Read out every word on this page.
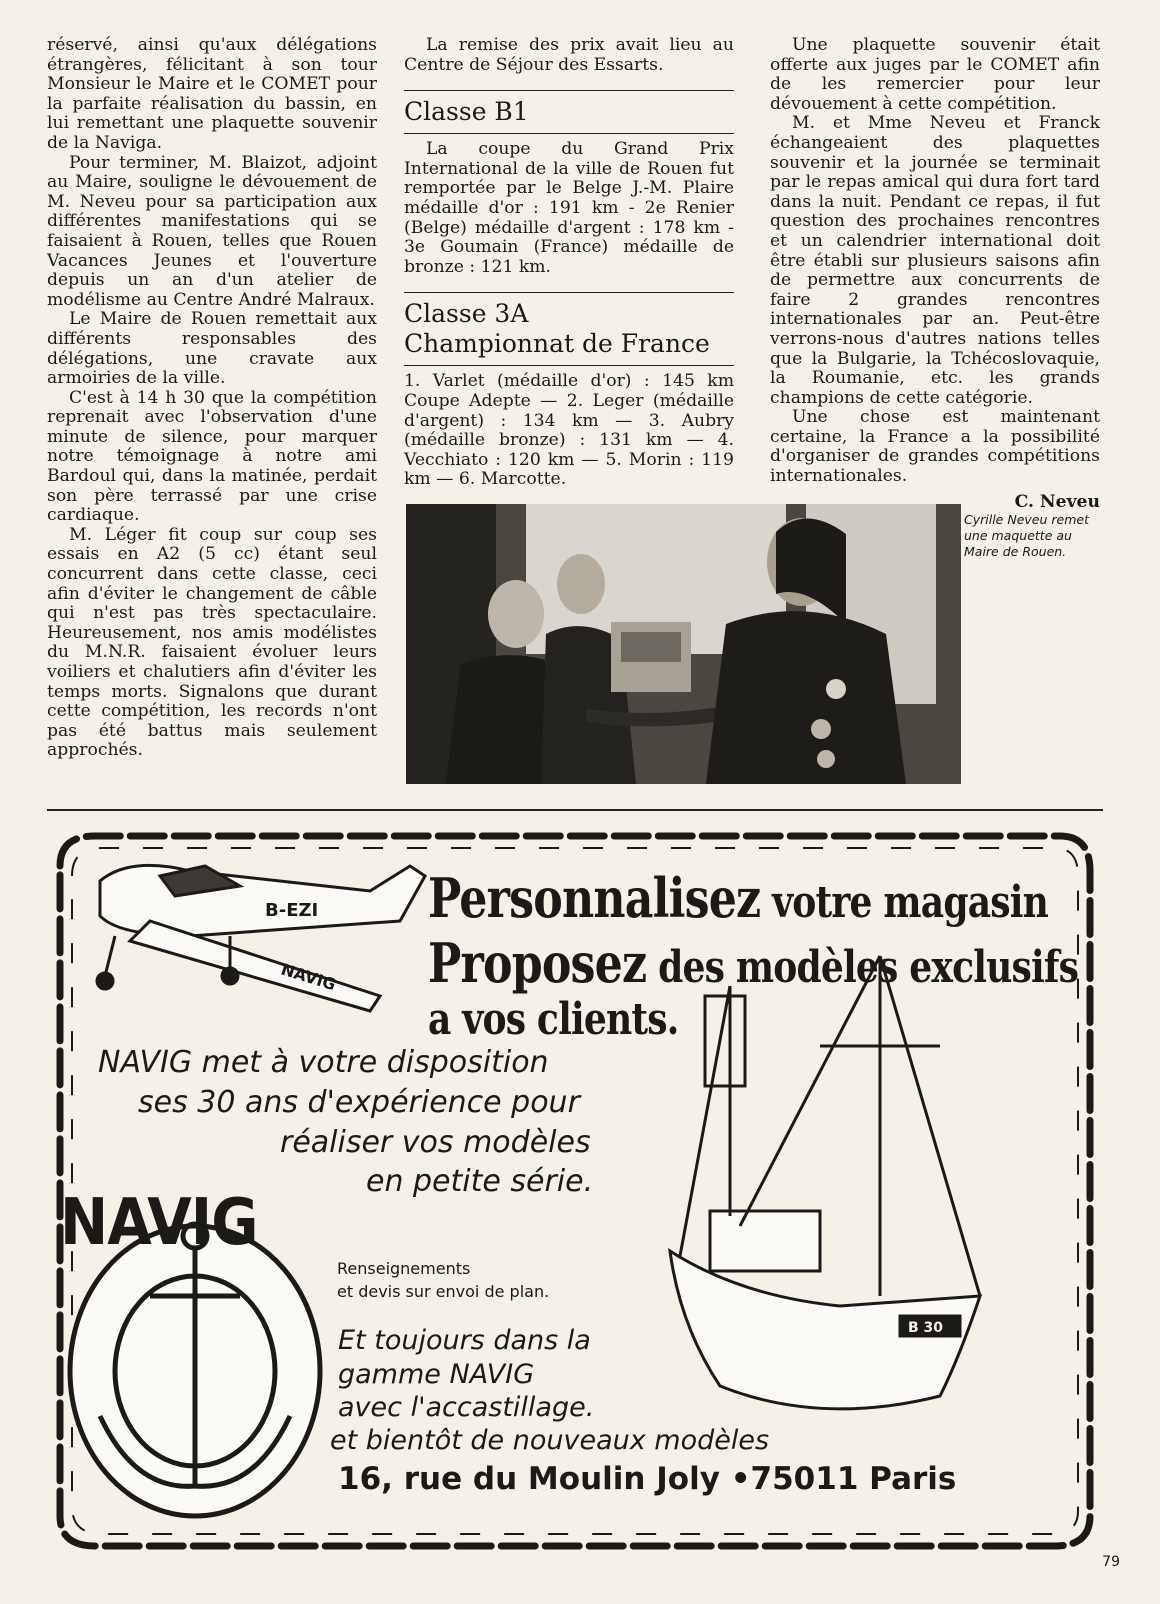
réservé, ainsi qu'aux délégations étrangères, félicitant à son tour Monsieur le Maire et le COMET pour la parfaite réalisation du bassin, en lui remettant une plaquette souvenir de la Naviga.

Pour terminer, M. Blaizot, adjoint au Maire, souligne le dévouement de M. Neveu pour sa participation aux différentes manifestations qui se faisaient à Rouen, telles que Rouen Vacances Jeunes et l'ouverture depuis un an d'un atelier de modélisme au Centre André Malraux.

Le Maire de Rouen remettait aux différents responsables des délégations, une cravate aux armoiries de la ville.

C'est à 14 h 30 que la compétition reprenait avec l'observation d'une minute de silence, pour marquer notre témoignage à notre ami Bardoul qui, dans la matinée, perdait son père terrassé par une crise cardiaque.

M. Léger fit coup sur coup ses essais en A2 (5 cc) étant seul concurrent dans cette classe, ceci afin d'éviter le changement de câble qui n'est pas très spectaculaire. Heureusement, nos amis modélistes du M.N.R. faisaient évoluer leurs voiliers et chalutiers afin d'éviter les temps morts. Signalons que durant cette compétition, les records n'ont pas été battus mais seulement approchés.

La remise des prix avait lieu au Centre de Séjour des Essarts.

Classe B1

La coupe du Grand Prix International de la ville de Rouen fut remportée par le Belge J.-M. Plaire médaille d'or : 191 km - 2e Renier (Belge) médaille d'argent : 178 km - 3e Goumain (France) médaille de bronze : 121 km.

Classe 3A
Championnat de France

1. Varlet (médaille d'or) : 145 km Coupe Adepte — 2. Leger (médaille d'argent) : 134 km — 3. Aubry (médaille bronze) : 131 km — 4. Vecchiato : 120 km — 5. Morin : 119 km — 6. Marcotte.

Une plaquette souvenir était offerte aux juges par le COMET afin de les remercier pour leur dévouement à cette compétition.

M. et Mme Neveu et Franck échangeaient des plaquettes souvenir et la journée se terminait par le repas amical qui dura fort tard dans la nuit. Pendant ce repas, il fut question des prochaines rencontres et un calendrier international doit être établi sur plusieurs saisons afin de permettre aux concurrents de faire 2 grandes rencontres internationales par an. Peut-être verrons-nous d'autres nations telles que la Bulgarie, la Tchécoslovaquie, la Roumanie, etc. les grands champions de cette catégorie.

Une chose est maintenant certaine, la France a la possibilité d'organiser de grandes compétitions internationales.

C. Neveu
Cyrille Neveu remet une maquette au Maire de Rouen.
B-EZI
NAVIG
B 30
Personnalisez votre magasin
Proposez des modèles exclusifs
a vos clients.
NAVIG met à votre disposition
ses 30 ans d'expérience pour
réaliser vos modèles
en petite série.
NAVIG
Renseignements
et devis sur envoi de plan.
Et toujours dans la
gamme NAVIG
avec l'accastillage.
et bientôt de nouveaux modèles
16, rue du Moulin Joly •75011 Paris
79
